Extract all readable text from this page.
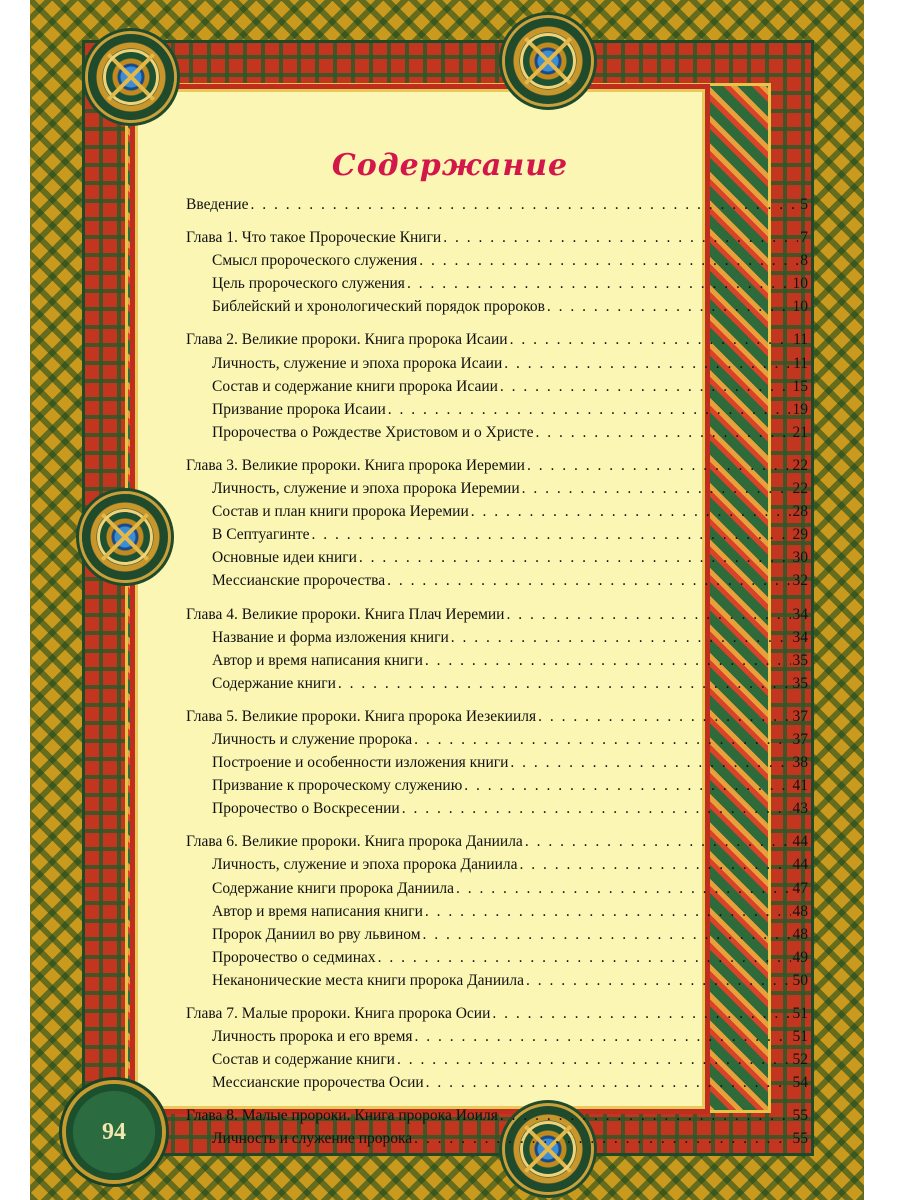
94
Содержание
Введение . . .	5
Глава 1. Что такое Пророческие Книги . . .	7
Смысл пророческого служения . . .	8
Цель пророческого служения . . .	10
Библейский и хронологический порядок пророков . . .	10
Глава 2. Великие пророки. Книга пророка Исаии . . .	11
Личность, служение и эпоха пророка Исаии . . .	11
Состав и содержание книги пророка Исаии . . .	15
Призвание пророка Исаии . . .	19
Пророчества о Рождестве Христовом и о Христе . . .	21
Глава 3. Великие пророки. Книга пророка Иеремии . . .	22
Личность, служение и эпоха пророка Иеремии . . .	22
Состав и план книги пророка Иеремии . . .	28
В Септуагинте . . .	29
Основные идеи книги . . .	30
Мессианские пророчества . . .	32
Глава 4. Великие пророки. Книга Плач Иеремии . . .	34
Название и форма изложения книги . . .	34
Автор и время написания книги . . .	35
Содержание книги . . .	35
Глава 5. Великие пророки. Книга пророка Иезекииля . . .	37
Личность и служение пророка . . .	37
Построение и особенности изложения книги . . .	38
Призвание к пророческому служению . . .	41
Пророчество о Воскресении . . .	43
Глава 6. Великие пророки. Книга пророка Даниила . . .	44
Личность, служение и эпоха пророка Даниила . . .	44
Содержание книги пророка Даниила . . .	47
Автор и время написания книги . . .	48
Пророк Даниил во рву львином . . .	48
Пророчество о седминах . . .	49
Неканонические места книги пророка Даниила . . .	50
Глава 7. Малые пророки. Книга пророка Осии . . .	51
Личность пророка и его время . . .	51
Состав и содержание книги . . .	52
Мессианские пророчества Осии . . .	54
Глава 8. Малые пророки. Книга пророка Иоиля . . .	55
Личность и служение пророка . . .	55
